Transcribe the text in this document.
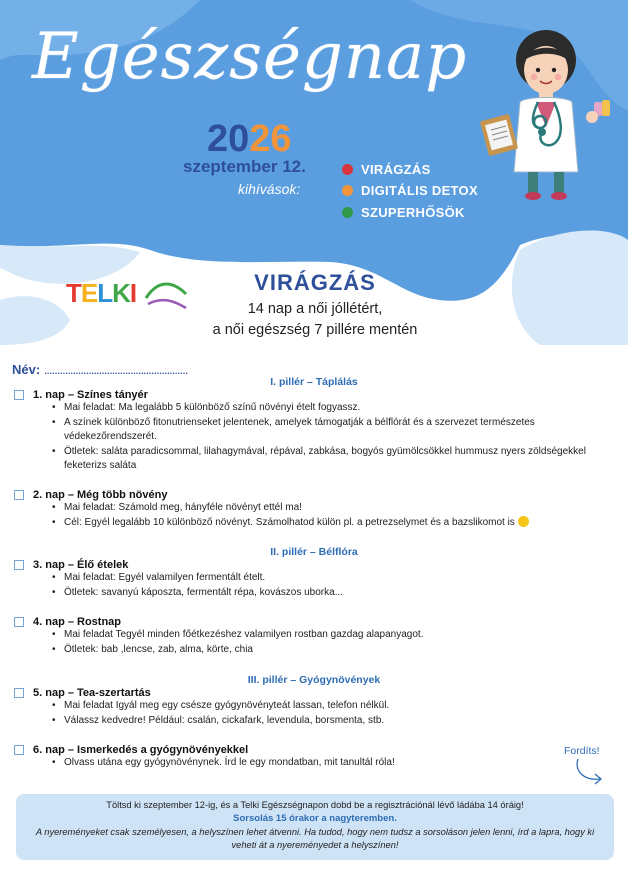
Egészségnap
2026
szeptember 12.
kihívások:
VIRÁGZÁS
DIGITÁLIS DETOX
SZUPERHŐSÖK
TELKI	VIRÁGZÁS
14 nap a női jóllétért,
a női egészség 7 pillére mentén
Név: .......................................................
I. pillér – Táplálás
1. nap – Színes tányér
• Mai feladat: Ma legalább 5 különböző színű növényi ételt fogyassz.
• A színek különböző fitonutrienseket jelentenek, amelyek támogatják a bélflórát és a szervezet természetes védekezőrendszerét.
• Ötletek: saláta paradicsommal, lilahagymával, répával, zabkása, bogyós gyümölcsökkel hummusz nyers zöldségekkel feketerizs saláta
2. nap – Még több növény
• Mai feladat: Számold meg, hányféle növényt ettél ma!
• Cél: Egyél legalább 10 különböző növényt. Számolhatod külön pl. a petrezselymet és a bazslikomot is
II. pillér – Bélflóra
3. nap – Élő ételek
• Mai feladat: Egyél valamilyen fermentált ételt.
• Ötletek: savanyú káposzta, fermentált répa, kovászos uborka...
4. nap – Rostnap
• Mai feladat Tegyél minden főétkezéshez valamilyen rostban gazdag alapanyagot.
• Ötletek: bab ,lencse, zab, alma, körte, chia
III. pillér – Gyógynövények
5. nap – Tea-szertartás
• Mai feladat Igyál meg egy csésze gyógynövényteát lassan, telefon nélkül.
• Válassz kedvedre! Például: csalán, cickafark, levendula, borsmenta, stb.
6. nap – Ismerkedés a gyógynövényekkel
• Olvass utána egy gyógynövénynek. Írd le egy mondatban, mit tanultál róla!
Fordíts!
Töltsd ki szeptember 12-ig, és a Telki Egészségnapon dobd be a regisztrációnál lévő ládába 14 óráig!
Sorsolás 15 órakor a nagyteremben.
A nyereményeket csak személyesen, a helyszínen lehet átvenni. Ha tudod, hogy nem tudsz a sorsoláson jelen lenni, írd a lapra, hogy ki veheti át a nyereményedet a helyszínen!
